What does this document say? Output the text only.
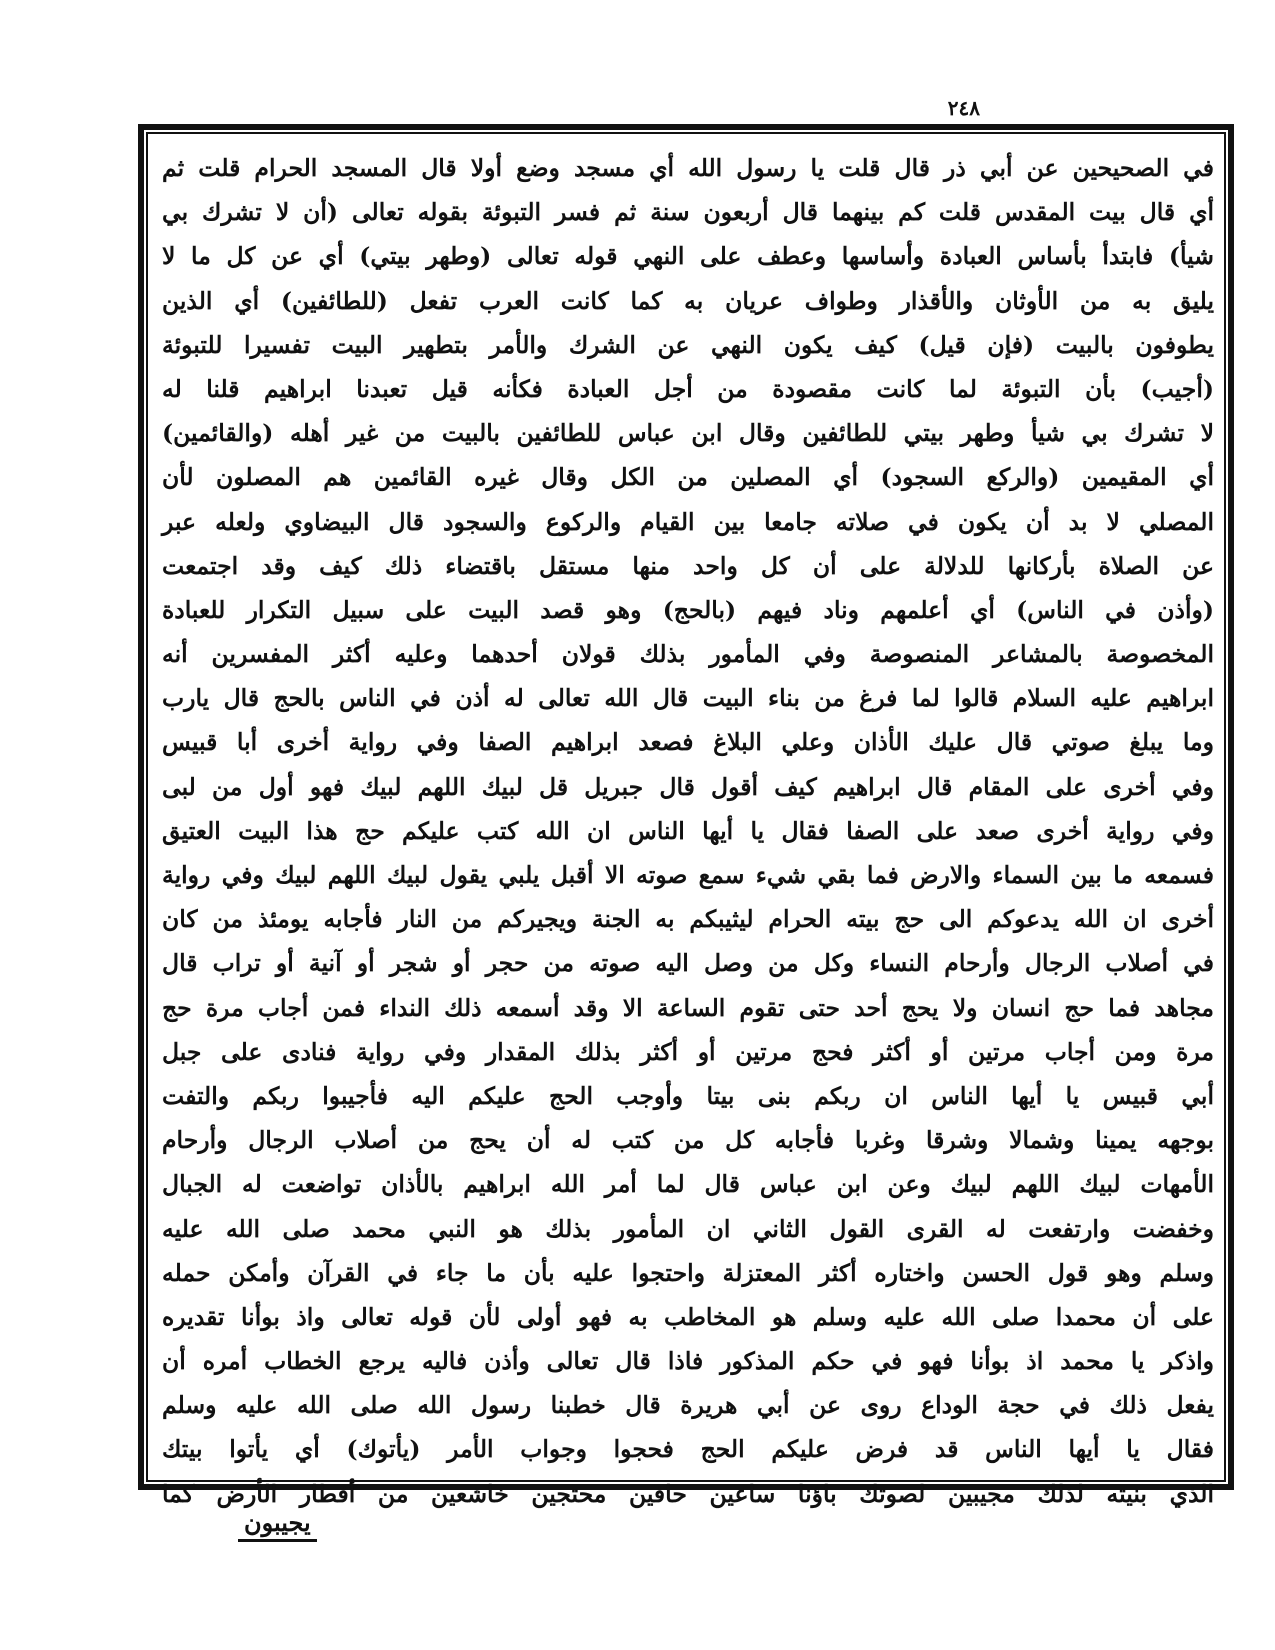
٢٤٨
في الصحيحين عن أبي ذر قال قلت يا رسول الله أي مسجد وضع أولا قال المسجد الحرام قلت ثم
أي قال بيت المقدس قلت كم بينهما قال أربعون سنة ثم فسر التبوئة بقوله تعالى (أن لا تشرك بي
شيأ) فابتدأ بأساس العبادة وأساسها وعطف على النهي قوله تعالى (وطهر بيتي) أي عن كل ما لا
يليق به من الأوثان والأقذار وطواف عريان به كما كانت العرب تفعل (للطائفين) أي الذين
يطوفون بالبيت (فإن قيل) كيف يكون النهي عن الشرك والأمر بتطهير البيت تفسيرا للتبوئة
(أجيب) بأن التبوئة لما كانت مقصودة من أجل العبادة فكأنه قيل تعبدنا ابراهيم قلنا له
لا تشرك بي شيأ وطهر بيتي للطائفين وقال ابن عباس للطائفين بالبيت من غير أهله (والقائمين)
أي المقيمين (والركع السجود) أي المصلين من الكل وقال غيره القائمين هم المصلون لأن
المصلي لا بد أن يكون في صلاته جامعا بين القيام والركوع والسجود قال البيضاوي ولعله عبر
عن الصلاة بأركانها للدلالة على أن كل واحد منها مستقل باقتضاء ذلك كيف وقد اجتمعت
(وأذن في الناس) أي أعلمهم وناد فيهم (بالحج) وهو قصد البيت على سبيل التكرار للعبادة
المخصوصة بالمشاعر المنصوصة وفي المأمور بذلك قولان أحدهما وعليه أكثر المفسرين أنه
ابراهيم عليه السلام قالوا لما فرغ من بناء البيت قال الله تعالى له أذن في الناس بالحج قال يارب
وما يبلغ صوتي قال عليك الأذان وعلي البلاغ فصعد ابراهيم الصفا وفي رواية أخرى أبا قبيس
وفي أخرى على المقام قال ابراهيم كيف أقول قال جبريل قل لبيك اللهم لبيك فهو أول من لبى
وفي رواية أخرى صعد على الصفا فقال يا أيها الناس ان الله كتب عليكم حج هذا البيت العتيق
فسمعه ما بين السماء والارض فما بقي شيء سمع صوته الا أقبل يلبي يقول لبيك اللهم لبيك وفي رواية
أخرى ان الله يدعوكم الى حج بيته الحرام ليثيبكم به الجنة ويجيركم من النار فأجابه يومئذ من كان
في أصلاب الرجال وأرحام النساء وكل من وصل اليه صوته من حجر أو شجر أو آنية أو تراب قال
مجاهد فما حج انسان ولا يحج أحد حتى تقوم الساعة الا وقد أسمعه ذلك النداء فمن أجاب مرة حج
مرة ومن أجاب مرتين أو أكثر فحج مرتين أو أكثر بذلك المقدار وفي رواية فنادى على جبل
أبي قبيس يا أيها الناس ان ربكم بنى بيتا وأوجب الحج عليكم اليه فأجيبوا ربكم والتفت
بوجهه يمينا وشمالا وشرقا وغربا فأجابه كل من كتب له أن يحج من أصلاب الرجال وأرحام
الأمهات لبيك اللهم لبيك وعن ابن عباس قال لما أمر الله ابراهيم بالأذان تواضعت له الجبال
وخفضت وارتفعت له القرى القول الثاني ان المأمور بذلك هو النبي محمد صلى الله عليه
وسلم وهو قول الحسن واختاره أكثر المعتزلة واحتجوا عليه بأن ما جاء في القرآن وأمكن حمله
على أن محمدا صلى الله عليه وسلم هو المخاطب به فهو أولى لأن قوله تعالى واذ بوأنا تقديره
واذكر يا محمد اذ بوأنا فهو في حكم المذكور فاذا قال تعالى وأذن فاليه يرجع الخطاب أمره أن
يفعل ذلك في حجة الوداع روى عن أبي هريرة قال خطبنا رسول الله صلى الله عليه وسلم
فقال يا أيها الناس قد فرض عليكم الحج فحجوا وجواب الأمر (يأتوك) أي يأتوا بيتك
الذي بنيته لذلك مجيبين لصوتك باؤنا ساعين حافين محتجين خاشعين من أقطار الأرض كما
يجيبون
